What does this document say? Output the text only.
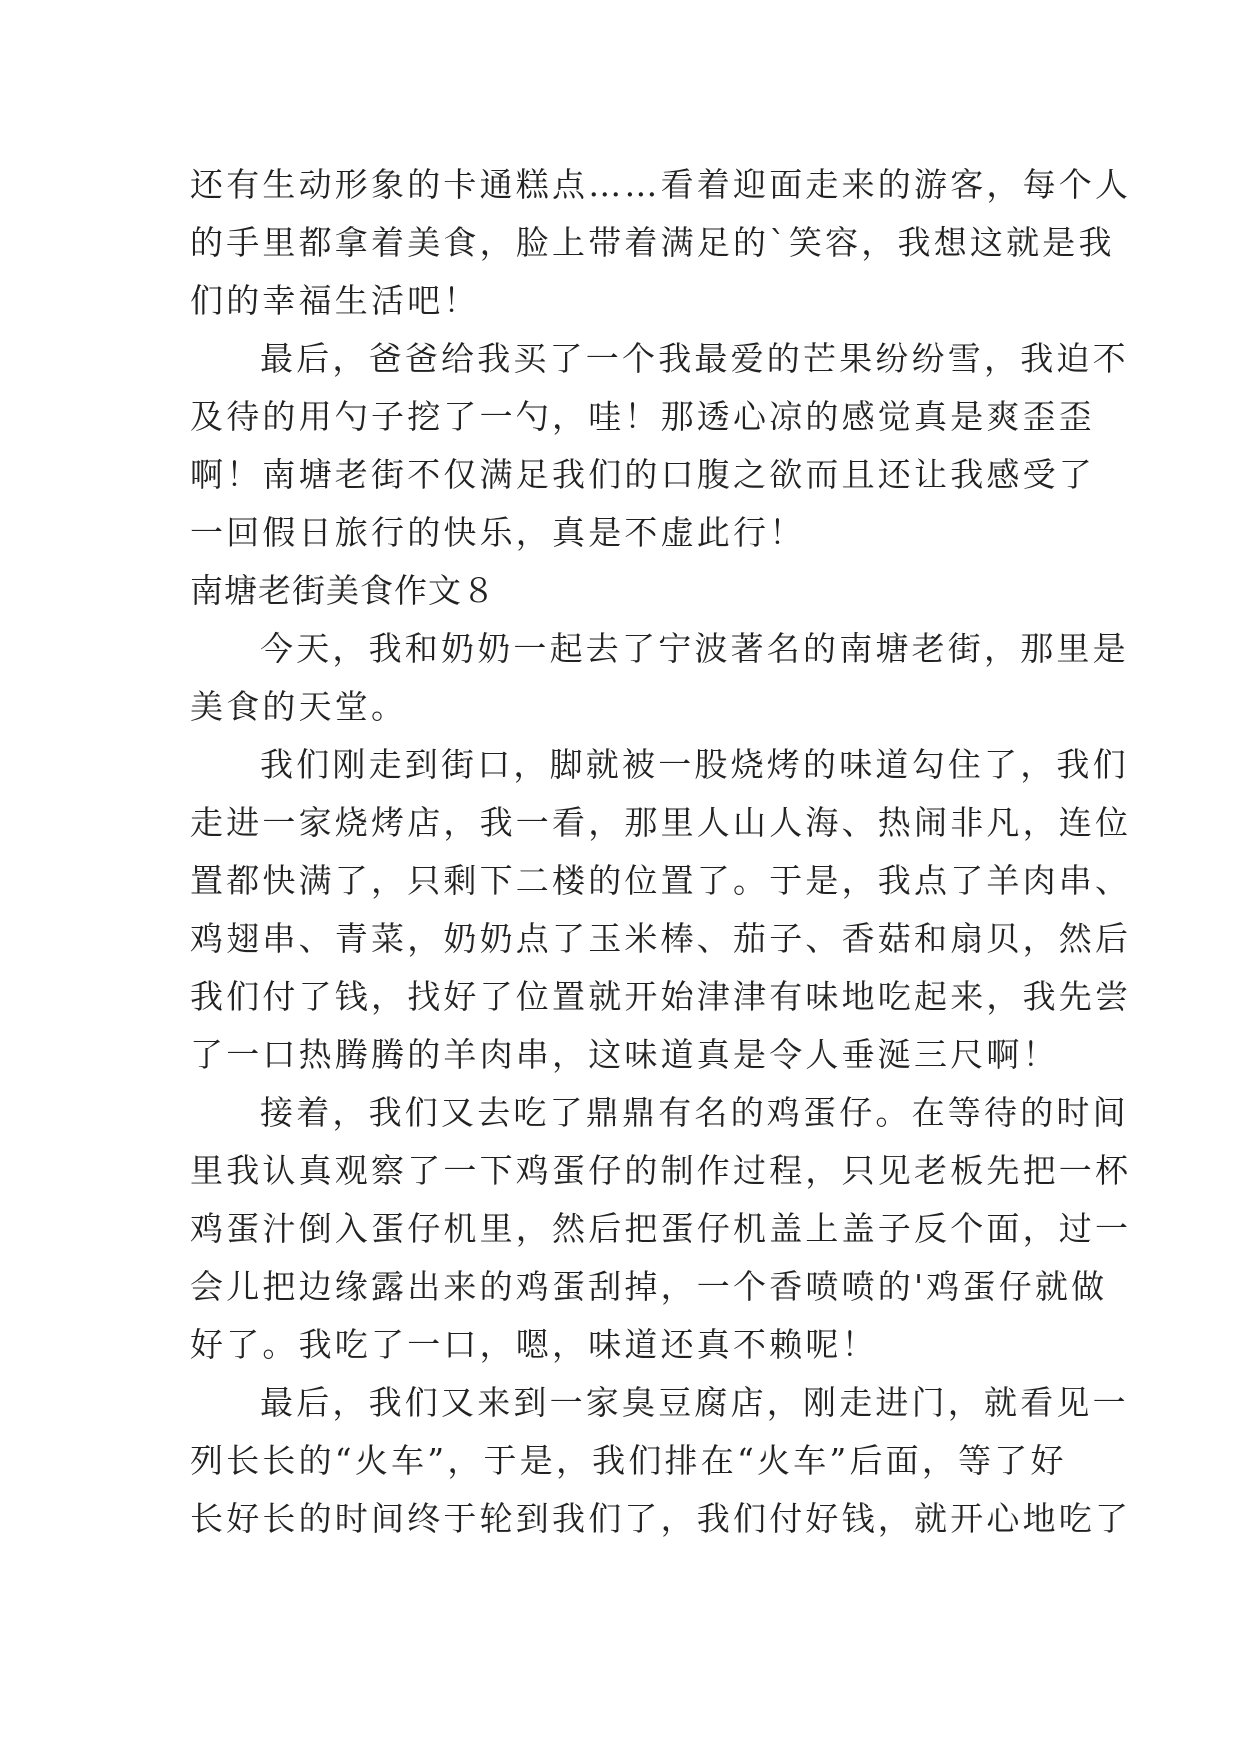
还有生动形象的卡通糕点……看着迎面走来的游客，每个人
的手里都拿着美食，脸上带着满足的`笑容，我想这就是我
们的幸福生活吧！
最后，爸爸给我买了一个我最爱的芒果纷纷雪，我迫不
及待的用勺子挖了一勺，哇！那透心凉的感觉真是爽歪歪
啊！南塘老街不仅满足我们的口腹之欲而且还让我感受了
一回假日旅行的快乐，真是不虚此行！
南塘老街美食作文８
今天，我和奶奶一起去了宁波著名的南塘老街，那里是
美食的天堂。
我们刚走到街口，脚就被一股烧烤的味道勾住了，我们
走进一家烧烤店，我一看，那里人山人海、热闹非凡，连位
置都快满了，只剩下二楼的位置了。于是，我点了羊肉串、
鸡翅串、青菜，奶奶点了玉米棒、茄子、香菇和扇贝，然后
我们付了钱，找好了位置就开始津津有味地吃起来，我先尝
了一口热腾腾的羊肉串，这味道真是令人垂涎三尺啊！
接着，我们又去吃了鼎鼎有名的鸡蛋仔。在等待的时间
里我认真观察了一下鸡蛋仔的制作过程，只见老板先把一杯
鸡蛋汁倒入蛋仔机里，然后把蛋仔机盖上盖子反个面，过一
会儿把边缘露出来的鸡蛋刮掉，一个香喷喷的'鸡蛋仔就做
好了。我吃了一口，嗯，味道还真不赖呢！
最后，我们又来到一家臭豆腐店，刚走进门，就看见一
列长长的“火车”，于是，我们排在“火车”后面，等了好
长好长的时间终于轮到我们了，我们付好钱，就开心地吃了
